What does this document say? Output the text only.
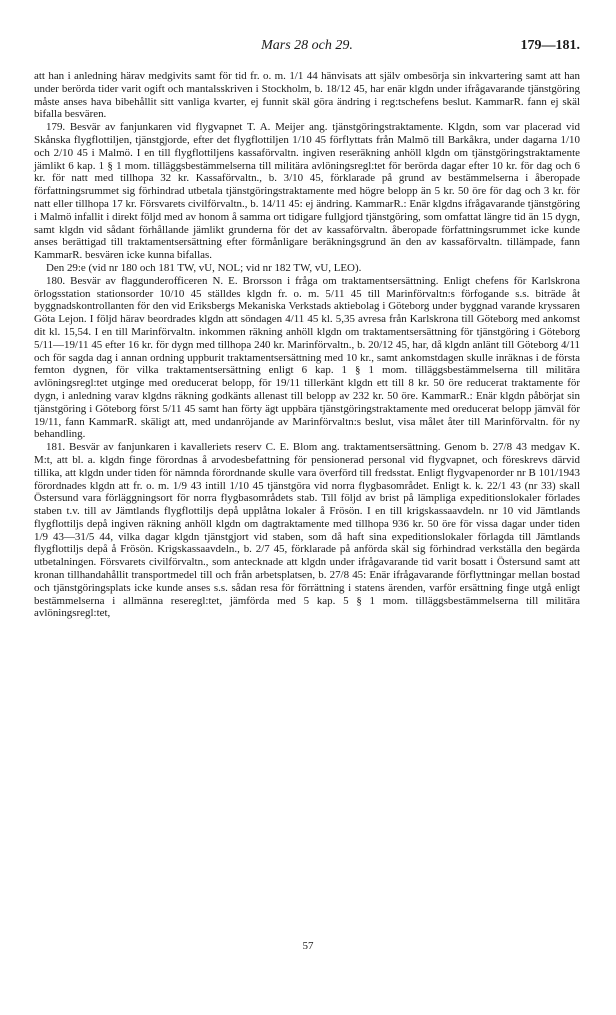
Mars 28 och 29.	179—181.

att han i anledning härav medgivits samt för tid fr. o. m. 1/1 44 hänvisats att själv ombesörja sin inkvartering samt att han under berörda tider varit ogift och mantalsskriven i Stockholm, b. 18/12 45, har enär klgdn under ifrågavarande tjänstgöring måste anses hava bibehållit sitt vanliga kvarter, ej funnit skäl göra ändring i reg:tschefens beslut. KammarR. fann ej skäl bifalla besvären.

179. Besvär av fanjunkaren vid flygvapnet T. A. Meijer ang. tjänstgöringstraktamente. Klgdn, som var placerad vid Skånska flygflottiljen, tjänstgjorde, efter det flygflottiljen 1/10 45 förflyttats från Malmö till Barkåkra, under dagarna 1/10 och 2/10 45 i Malmö. I en till flygflottiljens kassaförvaltn. ingiven reseräkning anhöll klgdn om tjänstgöringstraktamente jämlikt 6 kap. 1 § 1 mom. tilläggsbestämmelserna till militära avlöningsregl:tet för berörda dagar efter 10 kr. för dag och 6 kr. för natt med tillhopa 32 kr. Kassaförvaltn., b. 3/10 45, förklarade på grund av bestämmelserna i åberopade författningsrummet sig förhindrad utbetala tjänstgöringstraktamente med högre belopp än 5 kr. 50 öre för dag och 3 kr. för natt eller tillhopa 17 kr. Försvarets civilförvaltn., b. 14/11 45: ej ändring. KammarR.: Enär klgdns ifrågavarande tjänstgöring i Malmö infallit i direkt följd med av honom å samma ort tidigare fullgjord tjänstgöring, som omfattat längre tid än 15 dygn, samt klgdn vid sådant förhållande jämlikt grunderna för det av kassaförvaltn. åberopade författningsrummet icke kunde anses berättigad till traktamentsersättning efter förmånligare beräkningsgrund än den av kassaförvaltn. tillämpade, fann KammarR. besvären icke kunna bifallas.

Den 29:e (vid nr 180 och 181 TW, vU, NOL; vid nr 182 TW, vU, LEO).

180. Besvär av flaggunderofficeren N. E. Brorsson i fråga om traktamentsersättning. Enligt chefens för Karlskrona örlogsstation stationsorder 10/10 45 ställdes klgdn fr. o. m. 5/11 45 till Marinförvaltn:s förfogande s.s. biträde åt byggnadskontrollanten för den vid Eriksbergs Mekaniska Verkstads aktiebolag i Göteborg under byggnad varande kryssaren Göta Lejon. I följd härav beordrades klgdn att söndagen 4/11 45 kl. 5,35 avresa från Karlskrona till Göteborg med ankomst dit kl. 15,54. I en till Marinförvaltn. inkommen räkning anhöll klgdn om traktamentsersättning för tjänstgöring i Göteborg 5/11—19/11 45 efter 16 kr. för dygn med tillhopa 240 kr. Marinförvaltn., b. 20/12 45, har, då klgdn anlänt till Göteborg 4/11 och för sagda dag i annan ordning uppburit traktamentsersättning med 10 kr., samt ankomstdagen skulle inräknas i de första femton dygnen, för vilka traktamentsersättning enligt 6 kap. 1 § 1 mom. tilläggsbestämmelserna till militära avlöningsregl:tet utginge med oreducerat belopp, för 19/11 tillerkänt klgdn ett till 8 kr. 50 öre reducerat traktamente för dygn, i anledning varav klgdns räkning godkänts allenast till belopp av 232 kr. 50 öre. KammarR.: Enär klgdn påbörjat sin tjänstgöring i Göteborg först 5/11 45 samt han förty ägt uppbära tjänstgöringstraktamente med oreducerat belopp jämväl för 19/11, fann KammarR. skäligt att, med undanröjande av Marinförvaltn:s beslut, visa målet åter till Marinförvaltn. för ny behandling.

181. Besvär av fanjunkaren i kavalleriets reserv C. E. Blom ang. traktamentsersättning. Genom b. 27/8 43 medgav K. M:t, att bl. a. klgdn finge förordnas å arvodesbefattning för pensionerad personal vid flygvapnet, och föreskrevs därvid tillika, att klgdn under tiden för nämnda förordnande skulle vara överförd till fredsstat. Enligt flygvapenorder nr B 101/1943 förordnades klgdn att fr. o. m. 1/9 43 intill 1/10 45 tjänstgöra vid norra flygbasområdet. Enligt k. k. 22/1 43 (nr 33) skall Östersund vara förläggningsort för norra flygbasområdets stab. Till följd av brist på lämpliga expeditionslokaler förlades staben t.v. till av Jämtlands flygflottiljs depå upplåtna lokaler å Frösön. I en till krigskassaavdeln. nr 10 vid Jämtlands flygflottiljs depå ingiven räkning anhöll klgdn om dagtraktamente med tillhopa 936 kr. 50 öre för vissa dagar under tiden 1/9 43—31/5 44, vilka dagar klgdn tjänstgjort vid staben, som då haft sina expeditionslokaler förlagda till Jämtlands flygflottiljs depå å Frösön. Krigskassaavdeln., b. 2/7 45, förklarade på anförda skäl sig förhindrad verkställa den begärda utbetalningen. Försvarets civilförvaltn., som antecknade att klgdn under ifrågavarande tid varit bosatt i Östersund samt att kronan tillhandahållit transportmedel till och från arbetsplatsen, b. 27/8 45: Enär ifrågavarande förflyttningar mellan bostad och tjänstgöringsplats icke kunde anses s.s. sådan resa för förrättning i statens ärenden, varför ersättning finge utgå enligt bestämmelserna i allmänna reseregl:tet, jämförda med 5 kap. 5 § 1 mom. tilläggsbestämmelserna till militära avlöningsregl:tet,

57
